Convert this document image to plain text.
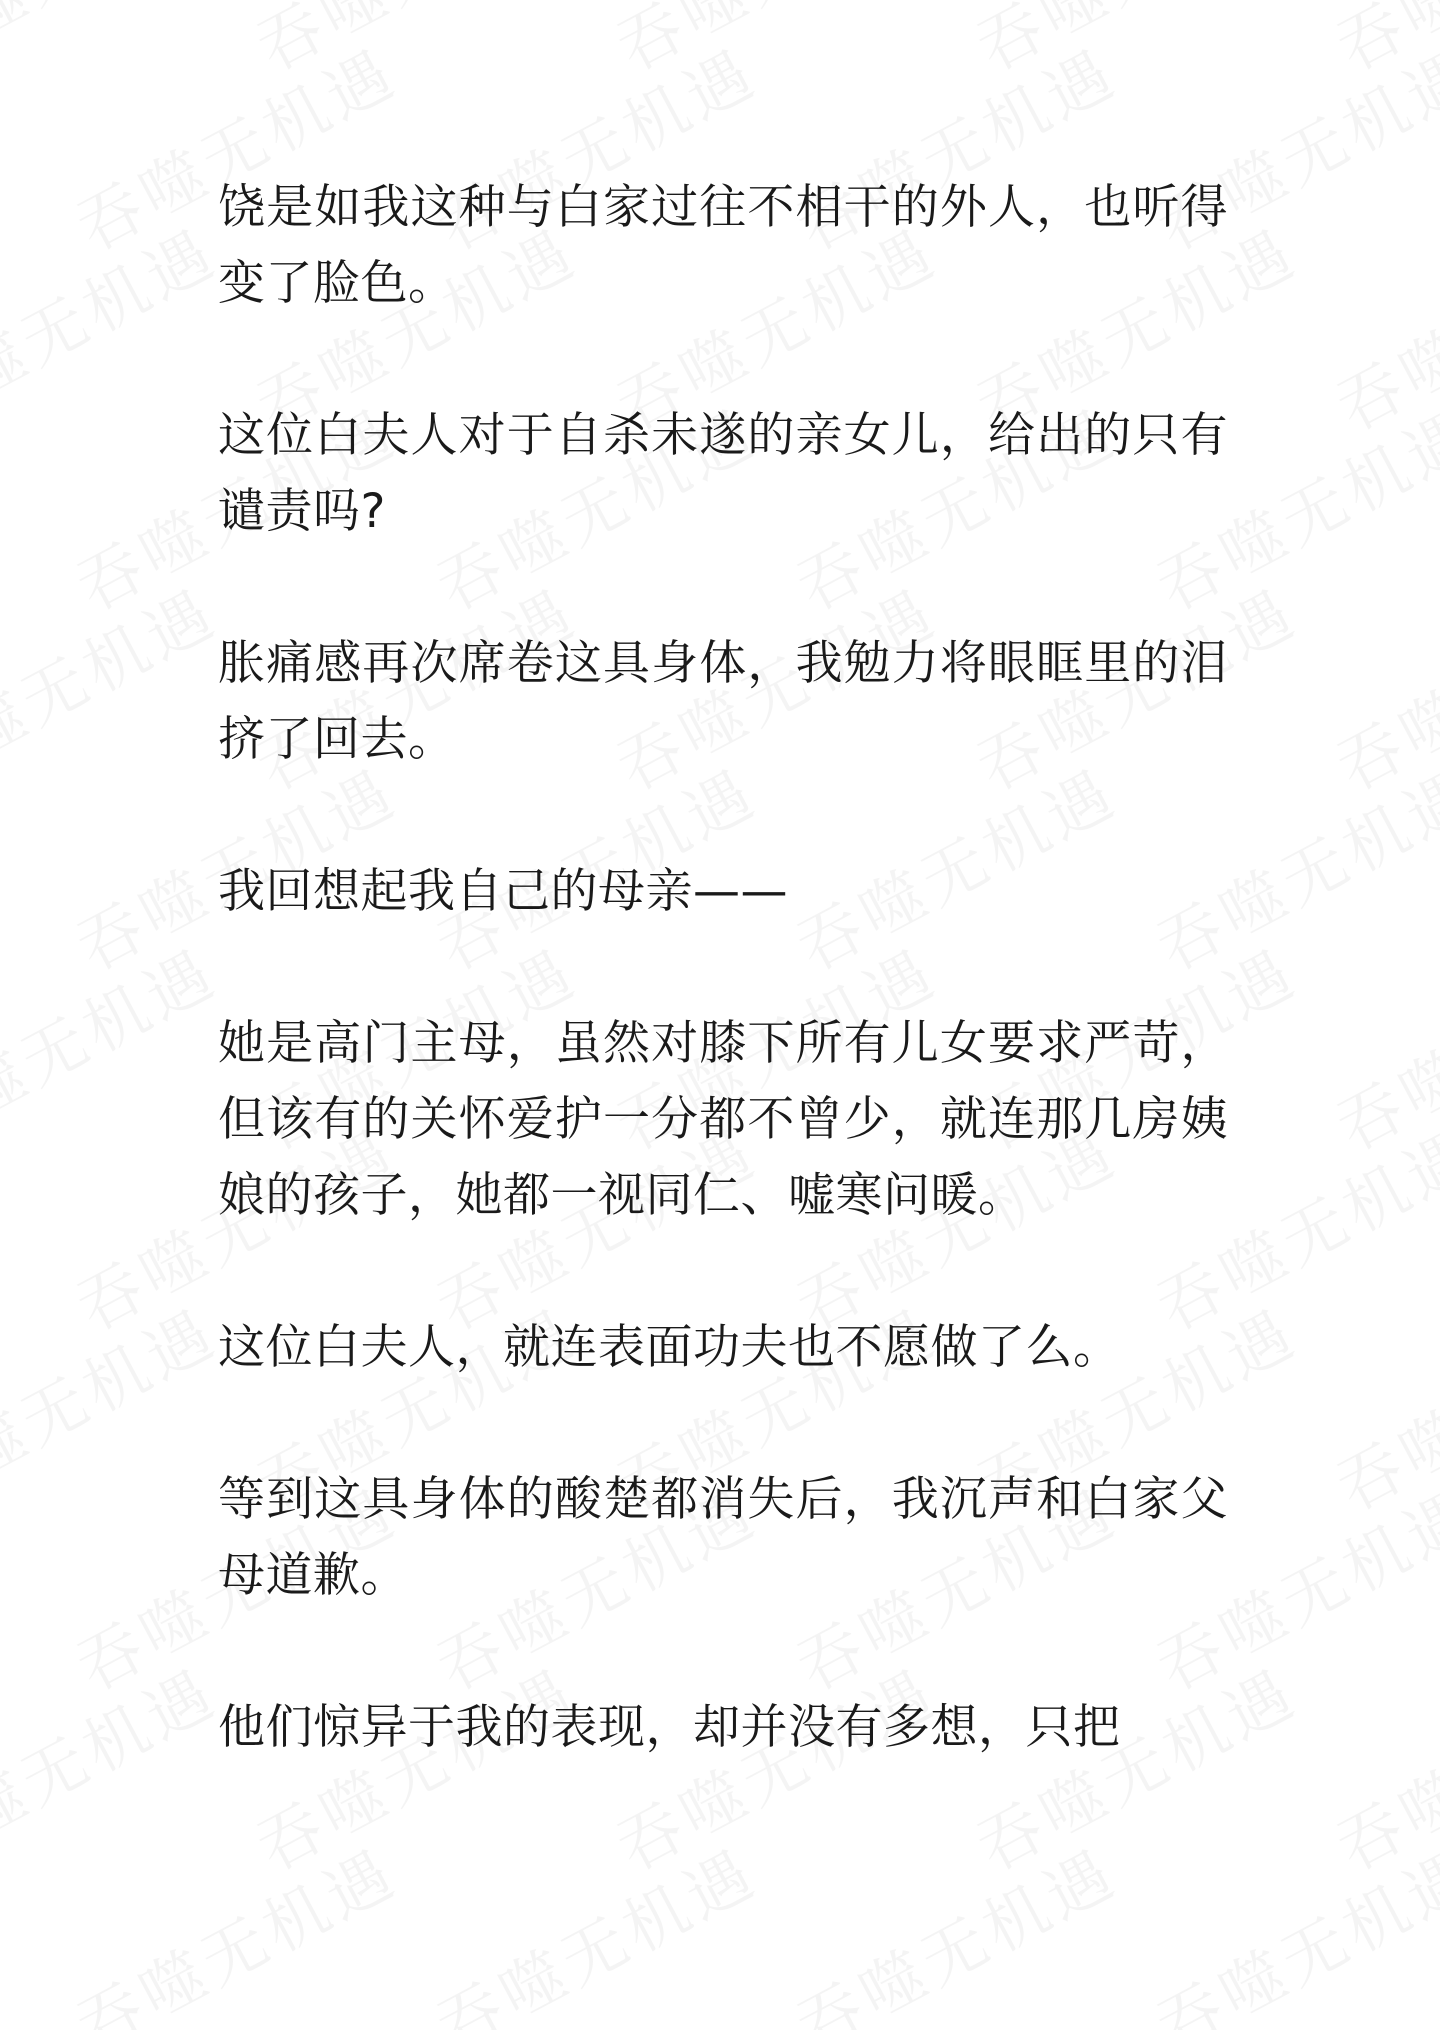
饶是如我这种与白家过往不相干的外人，也听得变了脸色。

这位白夫人对于自杀未遂的亲女儿，给出的只有谴责吗?

胀痛感再次席卷这具身体，我勉力将眼眶里的泪挤了回去。

我回想起我自己的母亲——

她是高门主母，虽然对膝下所有儿女要求严苛，但该有的关怀爱护一分都不曾少，就连那几房姨娘的孩子，她都一视同仁、嘘寒问暖。

这位白夫人，就连表面功夫也不愿做了么。

等到这具身体的酸楚都消失后，我沉声和白家父母道歉。

他们惊异于我的表现，却并没有多想，只把
